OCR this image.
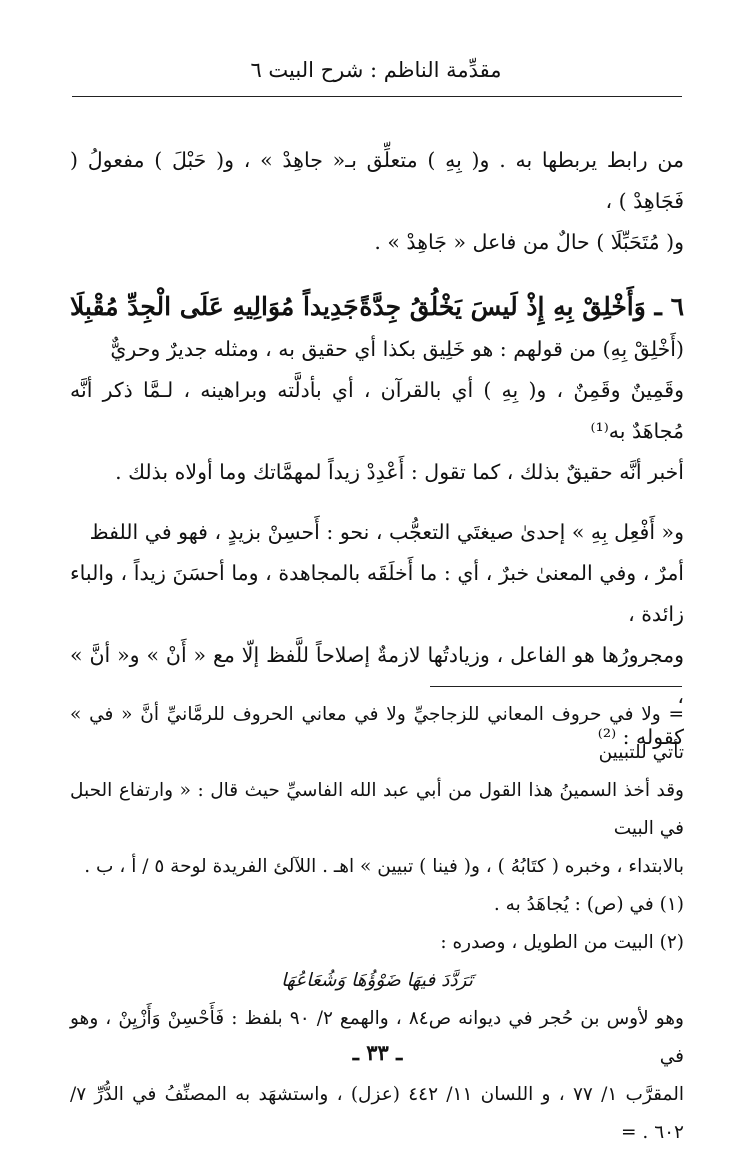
مقدِّمة الناظم : شرح البيت ٦

من رابط يربطها به . و( بِهِ ) متعلِّق بـ« جاهِدْ » ، و( حَبْلَ ) مفعولُ ( فَجَاهِدْ ) ،

و( مُتَحَبِّلَا ) حالٌ من فاعل « جَاهِدْ » .

٦ ـ وَأَخْلِقْ بِهِ إِذْ لَيسَ يَخْلُقُ جِدَّةً
جَدِيداً مُوَالِيهِ عَلَى الْجِدِّ مُقْبِلَا

(أَخْلِقْ بِهِ) من قولهم : هو خَلِيق بكذا أي حقيق به ، ومثله جديرٌ وحريٌّ

وقَمِينٌ وقَمِنٌ ، و( بِهِ ) أي بالقرآن ، أي بأدلَّته وبراهينه ، لـمَّا ذكر أنَّه مُجاهَدٌ به⁽¹⁾

أخبر أنَّه حقيقٌ بذلك ، كما تقول : أَعْدِدْ زيداً لمهمَّاتك وما أولاه بذلك .

و« أَفْعِل بِهِ » إحدىٰ صيغتَي التعجُّب ، نحو : أَحسِنْ بزيدٍ ، فهو في اللفظ

أمرٌ ، وفي المعنىٰ خبرٌ ، أي : ما أَخلَقَه بالمجاهدة ، وما أحسَنَ زيداً ، والباء زائدة ،

ومجرورُها هو الفاعل ، وزيادتُها لازمةٌ إصلاحاً للَّفظ إلّا مع « أَنْ » و« أنَّ » ،

كقوله : ⁽²⁾

= ولا في حروف المعاني للزجاجيِّ ولا في معاني الحروف للرمَّانيِّ أنَّ « في » تأتي للتبيين

وقد أخذ السمينُ هذا القول من أبي عبد الله الفاسيِّ حيث قال : « وارتفاع الحبل في البيت

بالابتداء ، وخبره ( كتَابُهُ ) ، و( فينا ) تبيين » اهـ . اللآلئ الفريدة لوحة ٥ / أ ، ب .

(١) في (ص) : يُجاهَدُ به .

(٢) البيت من الطويل ، وصدره :

تَرَدَّدَ فيهَا ضَوْؤُهَا وَشُعَاعُهَا

وهو لأوس بن حُجر في ديوانه ص٨٤ ، والهمع ٢/ ٩٠ بلفظ : فَأَحْسِنْ وَأَزْيِنْ ، وهو في

المقرَّب ١/ ٧٧ ، و اللسان ١١/ ٤٤٢ (عزل) ، واستشهَد به المصنِّفُ في الدُّرِّ ٧/ ٦٠٢ . =

ـ ٣٣ ـ
